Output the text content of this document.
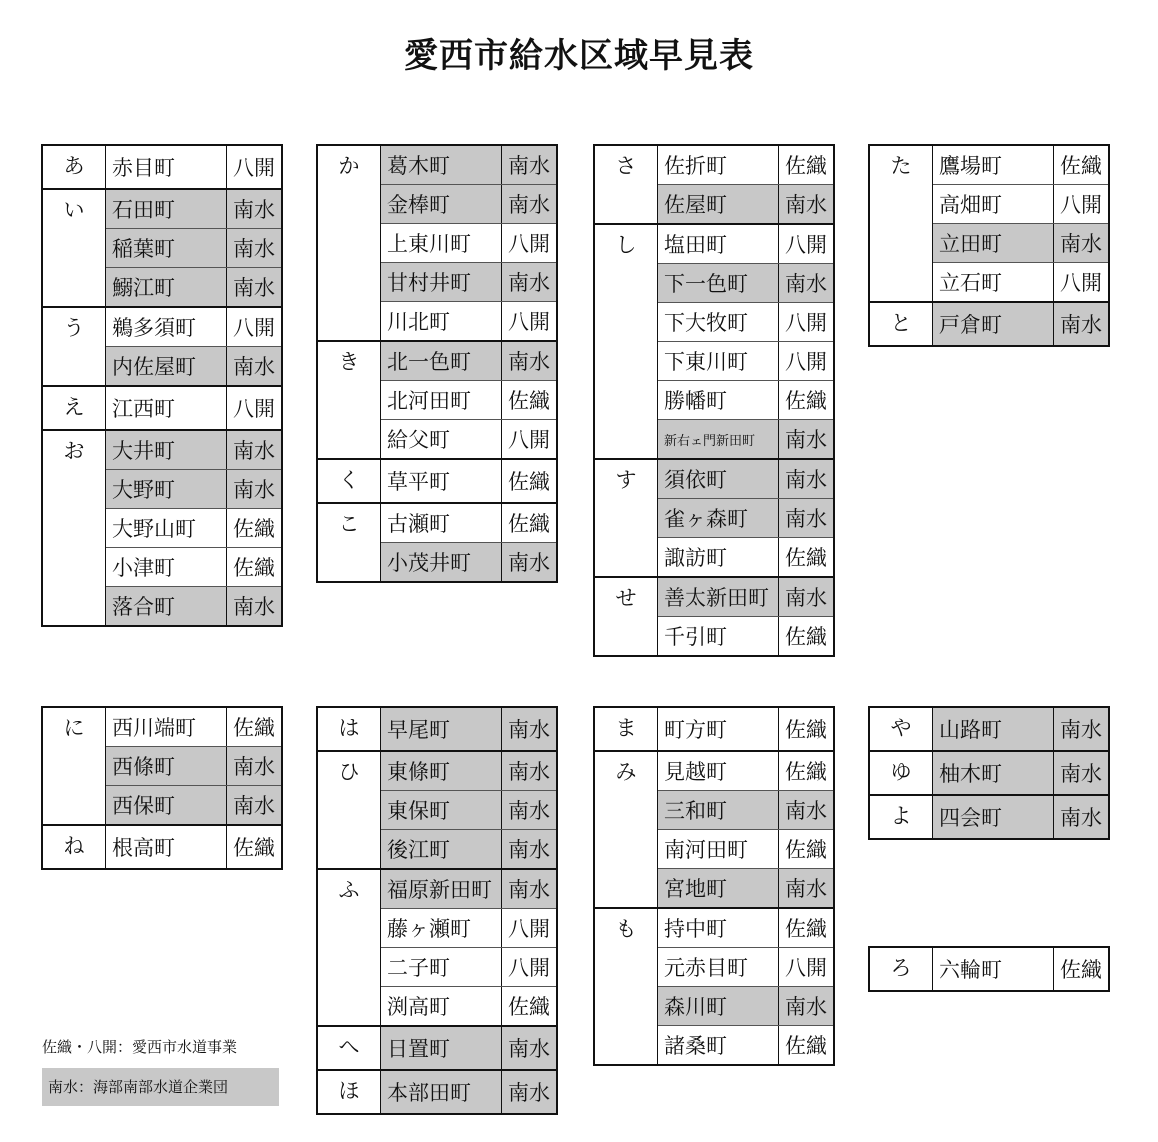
愛西市給水区域早見表
あ	赤目町	八開
い	石田町	南水
	稲葉町	南水
	鰯江町	南水
う	鵜多須町	八開
	内佐屋町	南水
え	江西町	八開
お	大井町	南水
	大野町	南水
	大野山町	佐織
	小津町	佐織
	落合町	南水
か	葛木町	南水
	金棒町	南水
	上東川町	八開
	甘村井町	南水
	川北町	八開
き	北一色町	南水
	北河田町	佐織
	給父町	八開
く	草平町	佐織
こ	古瀬町	佐織
	小茂井町	南水
さ	佐折町	佐織
	佐屋町	南水
し	塩田町	八開
	下一色町	南水
	下大牧町	八開
	下東川町	八開
	勝幡町	佐織
	新右ェ門新田町	南水
す	須依町	南水
	雀ヶ森町	南水
	諏訪町	佐織
せ	善太新田町	南水
	千引町	佐織
た	鷹場町	佐織
	高畑町	八開
	立田町	南水
	立石町	八開
と	戸倉町	南水
に	西川端町	佐織
	西條町	南水
	西保町	南水
ね	根高町	佐織
は	早尾町	南水
ひ	東條町	南水
	東保町	南水
	後江町	南水
ふ	福原新田町	南水
	藤ヶ瀬町	八開
	二子町	八開
	渕高町	佐織
へ	日置町	南水
ほ	本部田町	南水
ま	町方町	佐織
み	見越町	佐織
	三和町	南水
	南河田町	佐織
	宮地町	南水
も	持中町	佐織
	元赤目町	八開
	森川町	南水
	諸桑町	佐織
や	山路町	南水
ゆ	柚木町	南水
よ	四会町	南水
ろ	六輪町	佐織
佐織・八開：愛西市水道事業
南水：海部南部水道企業団
